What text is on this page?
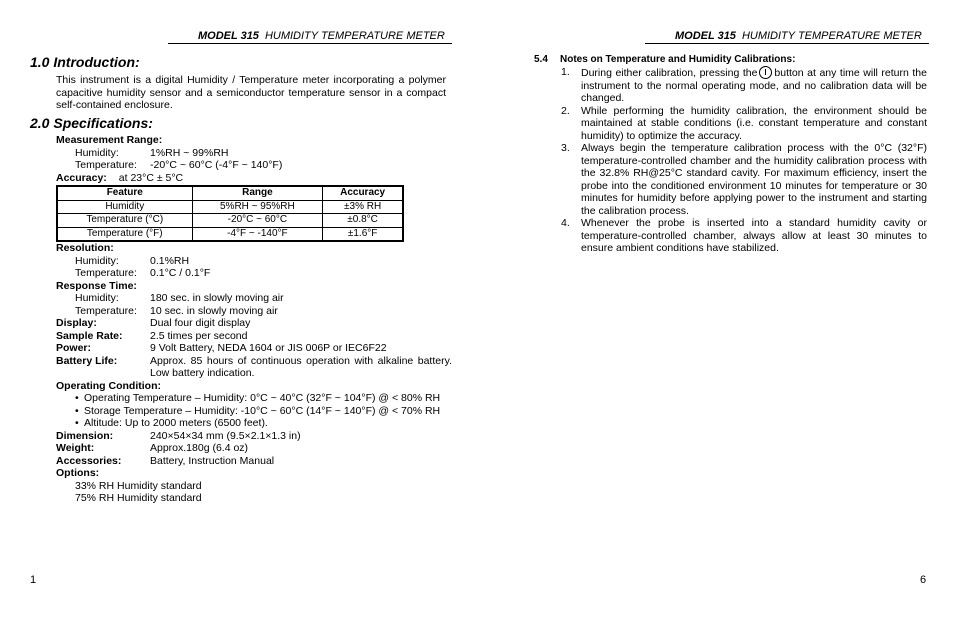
MODEL 315 HUMIDITY TEMPERATURE METER
1.0 Introduction:

This instrument is a digital Humidity / Temperature meter incorporating a polymer capacitive humidity sensor and a semiconductor temperature sensor in a compact self-contained enclosure.

2.0 Specifications:
Measurement Range:
Humidity:	1%RH ~ 99%RH
Temperature:	-20°C ~ 60°C (-4°F ~ 140°F)
Accuracy: at 23°C ± 5°C
Feature	Range	Accuracy
Humidity	5%RH ~ 95%RH	±3% RH
Temperature (°C)	-20°C ~ 60°C	±0.8°C
Temperature (°F)	-4°F ~ -140°F	±1.6°F
Resolution:
Humidity:	0.1%RH
Temperature:	0.1°C / 0.1°F
Response Time:
Humidity:	180 sec. in slowly moving air
Temperature:	10 sec. in slowly moving air
Display:	Dual four digit display
Sample Rate:	2.5 times per second
Power:	9 Volt Battery, NEDA 1604 or JIS 006P or IEC6F22
Battery Life:	Approx. 85 hours of continuous operation with alkaline battery. Low battery indication.
Operating Condition:
• Operating Temperature – Humidity: 0°C ~ 40°C (32°F ~ 104°F) @ < 80% RH
• Storage Temperature – Humidity: -10°C ~ 60°C (14°F ~ 140°F) @ < 70% RH
• Altitude: Up to 2000 meters (6500 feet).
Dimension:	240×54×34 mm (9.5×2.1×1.3 in)
Weight:	Approx.180g (6.4 oz)
Accessories:	Battery, Instruction Manual
Options:
33% RH Humidity standard
75% RH Humidity standard
1
MODEL 315 HUMIDITY TEMPERATURE METER
5.4 Notes on Temperature and Humidity Calibrations:
1.	During either calibration, pressing the button at any time will return the instrument to the normal operating mode, and no calibration data will be changed.
2.	While performing the humidity calibration, the environment should be maintained at stable conditions (i.e. constant temperature and constant humidity) to optimize the accuracy.
3.	Always begin the temperature calibration process with the 0°C (32°F) temperature-controlled chamber and the humidity calibration process with the 32.8% RH@25°C standard cavity. For maximum efficiency, insert the probe into the conditioned environment 10 minutes for temperature or 30 minutes for humidity before applying power to the instrument and starting the calibration process.
4.	Whenever the probe is inserted into a standard humidity cavity or temperature-controlled chamber, always allow at least 30 minutes to ensure ambient conditions have stabilized.
6
